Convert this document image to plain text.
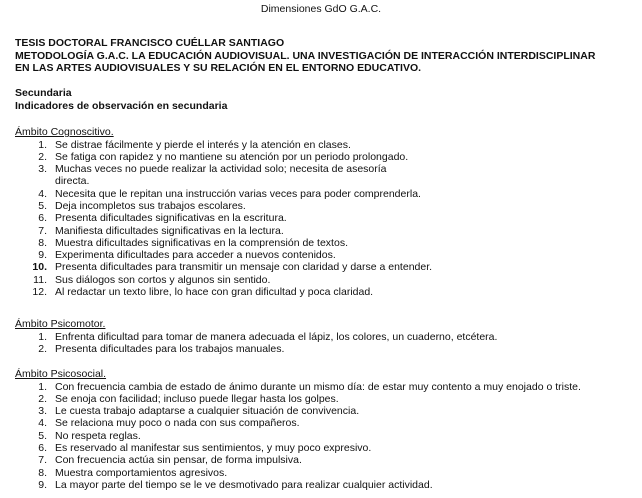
Dimensiones GdO G.A.C.
TESIS DOCTORAL FRANCISCO CUÉLLAR SANTIAGO
METODOLOGÍA G.A.C. LA EDUCACIÓN AUDIOVISUAL. UNA INVESTIGACIÓN DE INTERACCIÓN INTERDISCIPLINAR
EN LAS ARTES AUDIOVISUALES Y SU RELACIÓN EN EL ENTORNO EDUCATIVO.
Secundaria
Indicadores de observación en secundaria
Ámbito Cognoscitivo.
1. Se distrae fácilmente y pierde el interés y la atención en clases.
2. Se fatiga con rapidez y no mantiene su atención por un periodo prolongado.
3. Muchas veces no puede realizar la actividad solo; necesita de asesoría
directa.
4. Necesita que le repitan una instrucción varias veces para poder comprenderla.
5. Deja incompletos sus trabajos escolares.
6. Presenta dificultades significativas en la escritura.
7. Manifiesta dificultades significativas en la lectura.
8. Muestra dificultades significativas en la comprensión de textos.
9. Experimenta dificultades para acceder a nuevos contenidos.
10. Presenta dificultades para transmitir un mensaje con claridad y darse a entender.
11. Sus diálogos son cortos y algunos sin sentido.
12. Al redactar un texto libre, lo hace con gran dificultad y poca claridad.
Ámbito Psicomotor.
1. Enfrenta dificultad para tomar de manera adecuada el lápiz, los colores, un cuaderno, etcétera.
2. Presenta dificultades para los trabajos manuales.
Ámbito Psicosocial.
1. Con frecuencia cambia de estado de ánimo durante un mismo día: de estar muy contento a muy enojado o triste.
2. Se enoja con facilidad; incluso puede llegar hasta los golpes.
3. Le cuesta trabajo adaptarse a cualquier situación de convivencia.
4. Se relaciona muy poco o nada con sus compañeros.
5. No respeta reglas.
6. Es reservado al manifestar sus sentimientos, y muy poco expresivo.
7. Con frecuencia actúa sin pensar, de forma impulsiva.
8. Muestra comportamientos agresivos.
9. La mayor parte del tiempo se le ve desmotivado para realizar cualquier actividad.
